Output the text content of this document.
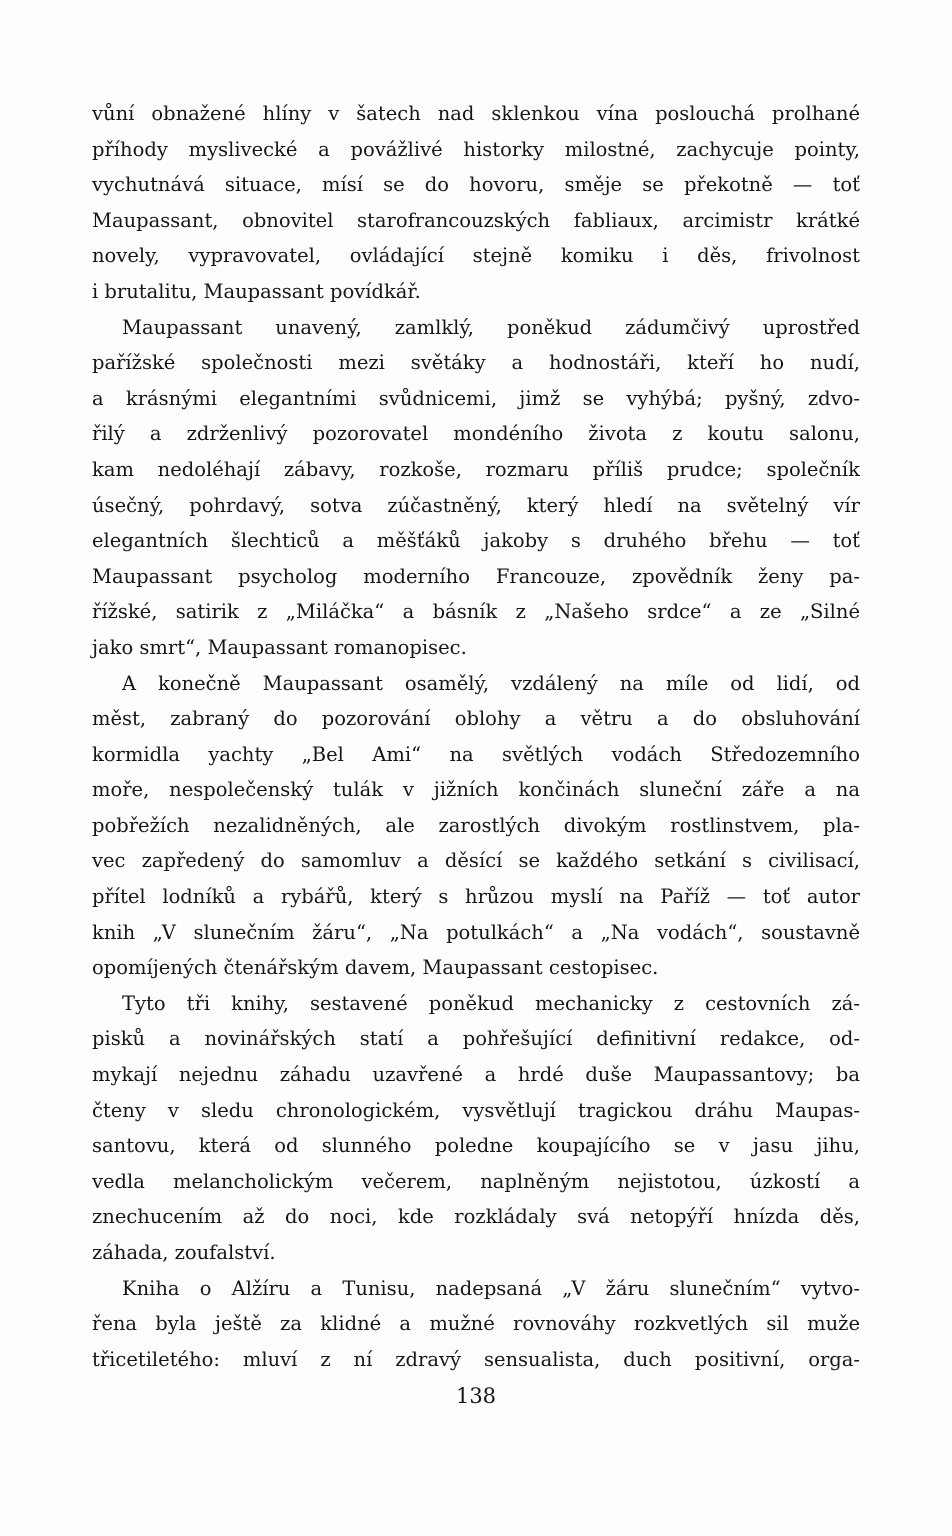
vůní obnažené hlíny v šatech nad sklenkou vína poslouchá prolhané
příhody myslivecké a povážlivé historky milostné, zachycuje pointy,
vychutnává situace, mísí se do hovoru, směje se překotně — toť
Maupassant, obnovitel starofrancouzských fabliaux, arcimistr krátké
novely, vypravovatel, ovládající stejně komiku i děs, frivolnost
i brutalitu, Maupassant povídkář.
Maupassant unavený, zamlklý, poněkud zádumčivý uprostřed
pařížské společnosti mezi světáky a hodnostáři, kteří ho nudí,
a krásnými elegantními svůdnicemi, jimž se vyhýbá; pyšný, zdvo-
řilý a zdrženlivý pozorovatel mondéního života z koutu salonu,
kam nedoléhají zábavy, rozkoše, rozmaru příliš prudce; společník
úsečný, pohrdavý, sotva zúčastněný, který hledí na světelný vír
elegantních šlechticů a měšťáků jakoby s druhého břehu — toť
Maupassant psycholog moderního Francouze, zpovědník ženy pa-
řížské, satirik z „Miláčka“ a básník z „Našeho srdce“ a ze „Silné
jako smrt“, Maupassant romanopisec.
A konečně Maupassant osamělý, vzdálený na míle od lidí, od
měst, zabraný do pozorování oblohy a větru a do obsluhování
kormidla yachty „Bel Ami“ na světlých vodách Středozemního
moře, nespolečenský tulák v jižních končinách sluneční záře a na
pobřežích nezalidněných, ale zarostlých divokým rostlinstvem, pla-
vec zapředený do samomluv a děsící se každého setkání s civilisací,
přítel lodníků a rybářů, který s hrůzou myslí na Paříž — toť autor
knih „V slunečním žáru“, „Na potulkách“ a „Na vodách“, soustavně
opomíjených čtenářským davem, Maupassant cestopisec.
Tyto tři knihy, sestavené poněkud mechanicky z cestovních zá-
pisků a novinářských statí a pohřešující definitivní redakce, od-
mykají nejednu záhadu uzavřené a hrdé duše Maupassantovy; ba
čteny v sledu chronologickém, vysvětlují tragickou dráhu Maupas-
santovu, která od slunného poledne koupajícího se v jasu jihu,
vedla melancholickým večerem, naplněným nejistotou, úzkostí a
znechucením až do noci, kde rozkládaly svá netopýří hnízda děs,
záhada, zoufalství.
Kniha o Alžíru a Tunisu, nadepsaná „V žáru slunečním“ vytvo-
řena byla ještě za klidné a mužné rovnováhy rozkvetlých sil muže
třicetiletého: mluví z ní zdravý sensualista, duch positivní, orga-
138
